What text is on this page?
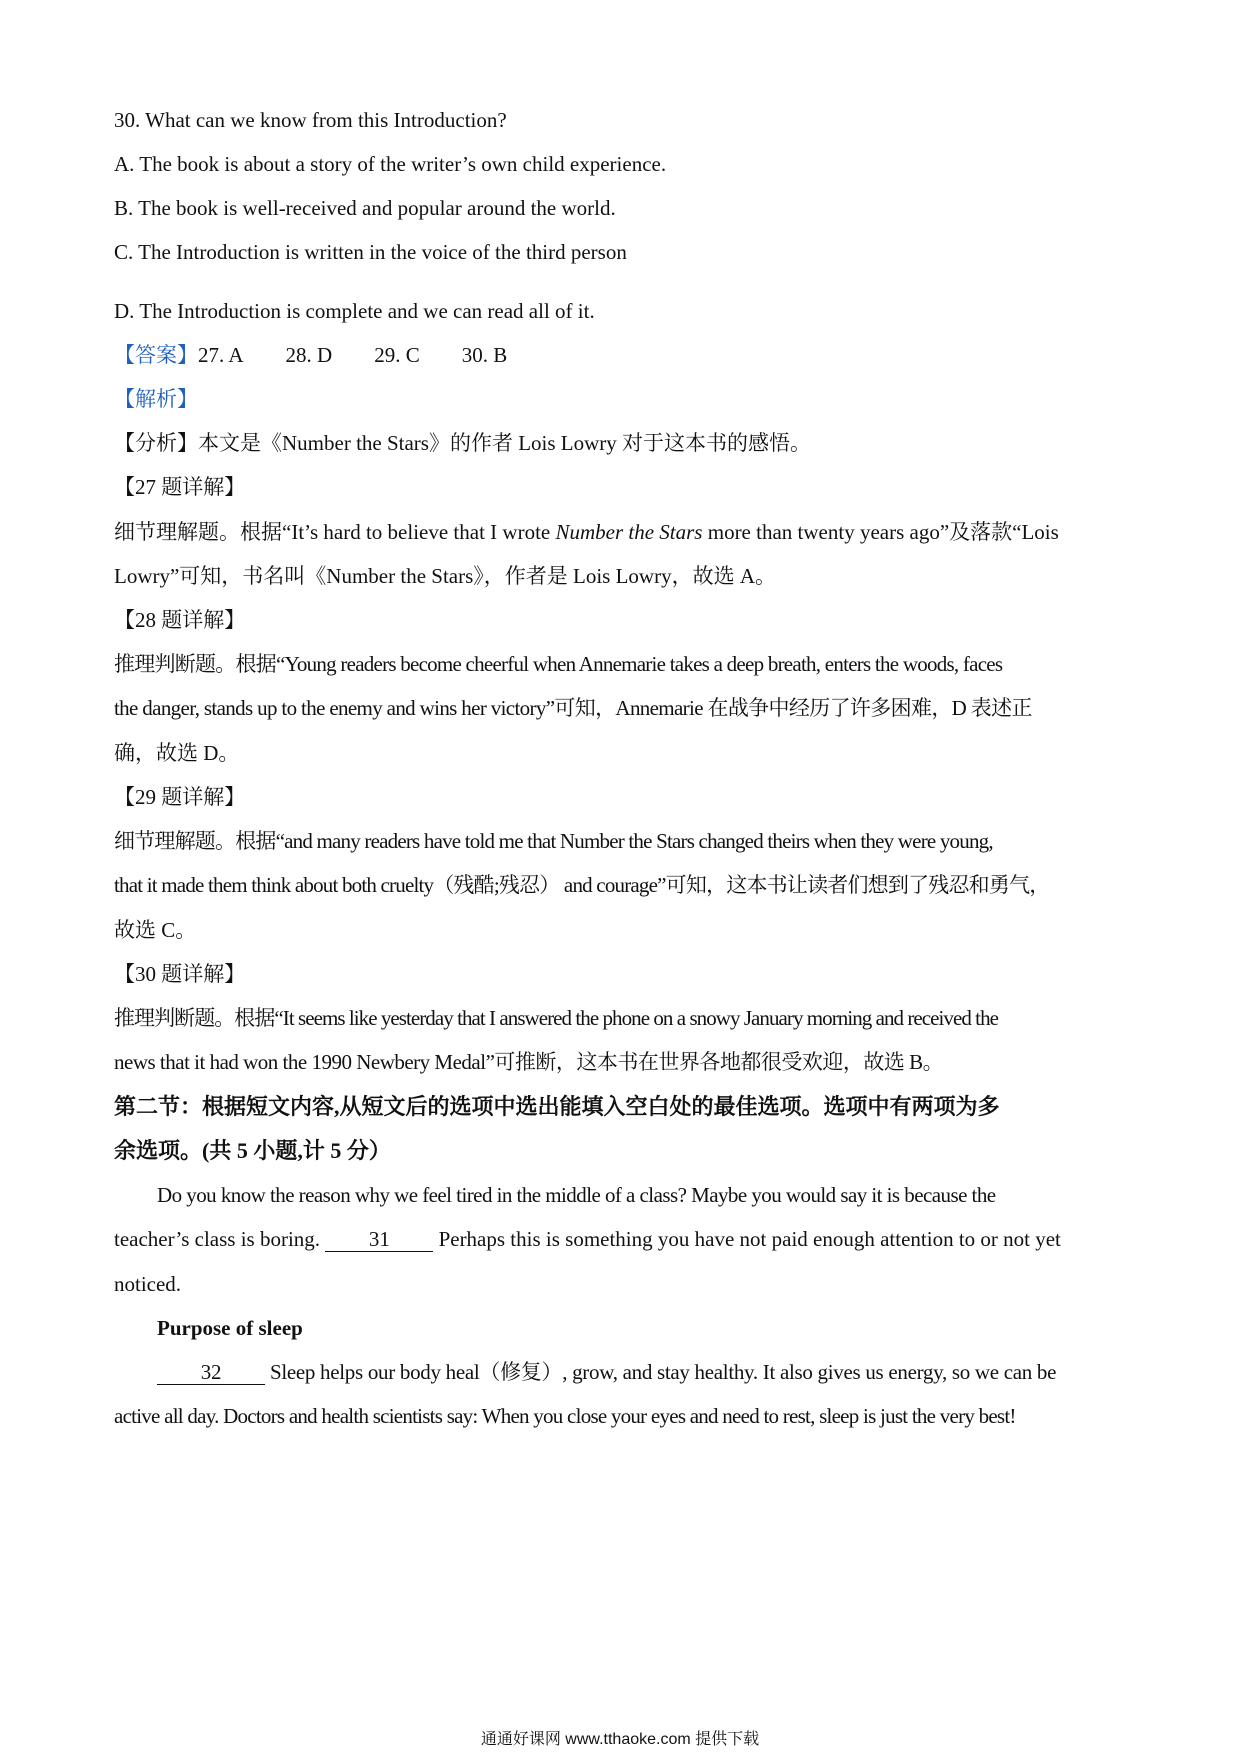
30. What can we know from this Introduction?
A. The book is about a story of the writer’s own child experience.
B. The book is well-received and popular around the world.
C. The Introduction is written in the voice of the third person
D. The Introduction is complete and we can read all of it.
【答案】27. A 28. D 29. C 30. B
【解析】
【分析】本文是《Number the Stars》的作者 Lois Lowry 对于这本书的感悟。
【27 题详解】
细节理解题。根据“It’s hard to believe that I wrote Number the Stars more than twenty years ago”及落款“Lois
Lowry”可知，书名叫《Number the Stars》，作者是 Lois Lowry，故选 A。
【28 题详解】
推理判断题。根据“Young readers become cheerful when Annemarie takes a deep breath, enters the woods, faces
the danger, stands up to the enemy and wins her victory”可知，Annemarie 在战争中经历了许多困难，D 表述正
确，故选 D。
【29 题详解】
细节理解题。根据“and many readers have told me that Number the Stars changed theirs when they were young,
that it made them think about both cruelty（残酷;残忍） and courage”可知，这本书让读者们想到了残忍和勇气，
故选 C。
【30 题详解】
推理判断题。根据“It seems like yesterday that I answered the phone on a snowy January morning and received the
news that it had won the 1990 Newbery Medal”可推断，这本书在世界各地都很受欢迎，故选 B。
第二节：根据短文内容,从短文后的选项中选出能填入空白处的最佳选项。选项中有两项为多
余选项。(共 5 小题,计 5 分）
Do you know the reason why we feel tired in the middle of a class? Maybe you would say it is because the
teacher’s class is boring. 31 Perhaps this is something you have not paid enough attention to or not yet
noticed.
Purpose of sleep
32 Sleep helps our body heal（修复）, grow, and stay healthy. It also gives us energy, so we can be
active all day. Doctors and health scientists say: When you close your eyes and need to rest, sleep is just the very best!
通通好课网 www.tthaoke.com 提供下载
